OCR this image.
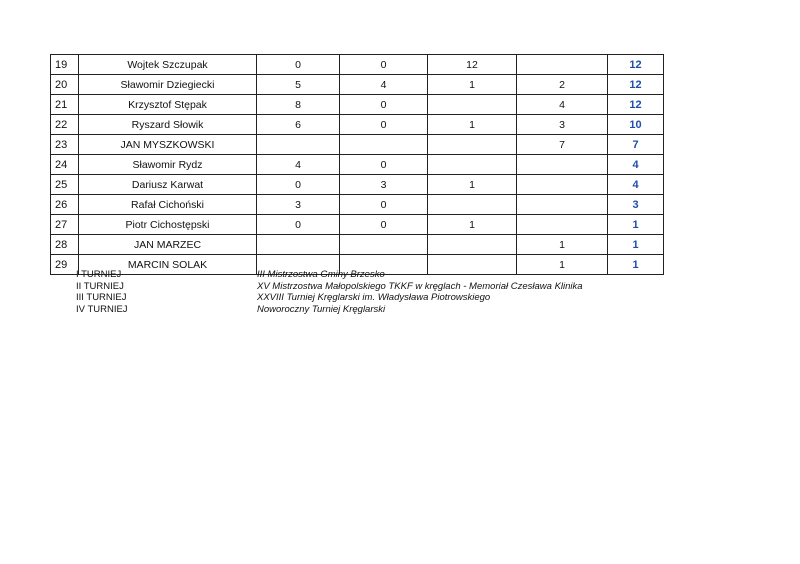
19	Wojtek Szczupak	0	0	12		12
20	Sławomir Dziegiecki	5	4	1	2	12
21	Krzysztof Stępak	8	0		4	12
22	Ryszard Słowik	6	0	1	3	10
23	JAN MYSZKOWSKI				7	7
24	Sławomir Rydz	4	0			4
25	Dariusz Karwat	0	3	1		4
26	Rafał Cichoński	3	0			3
27	Piotr Cichostępski	0	0	1		1
28	JAN MARZEC				1	1
29	MARCIN SOLAK				1	1
I TURNIEJ	III Mistrzostwa Gminy Brzesko
II TURNIEJ	XV Mistrzostwa Małopolskiego TKKF w kręglach - Memoriał Czesława Klinika
III TURNIEJ	XXVIII Turniej Kręglarski im. Władysława Piotrowskiego
IV TURNIEJ	Noworoczny Turniej Kręglarski
